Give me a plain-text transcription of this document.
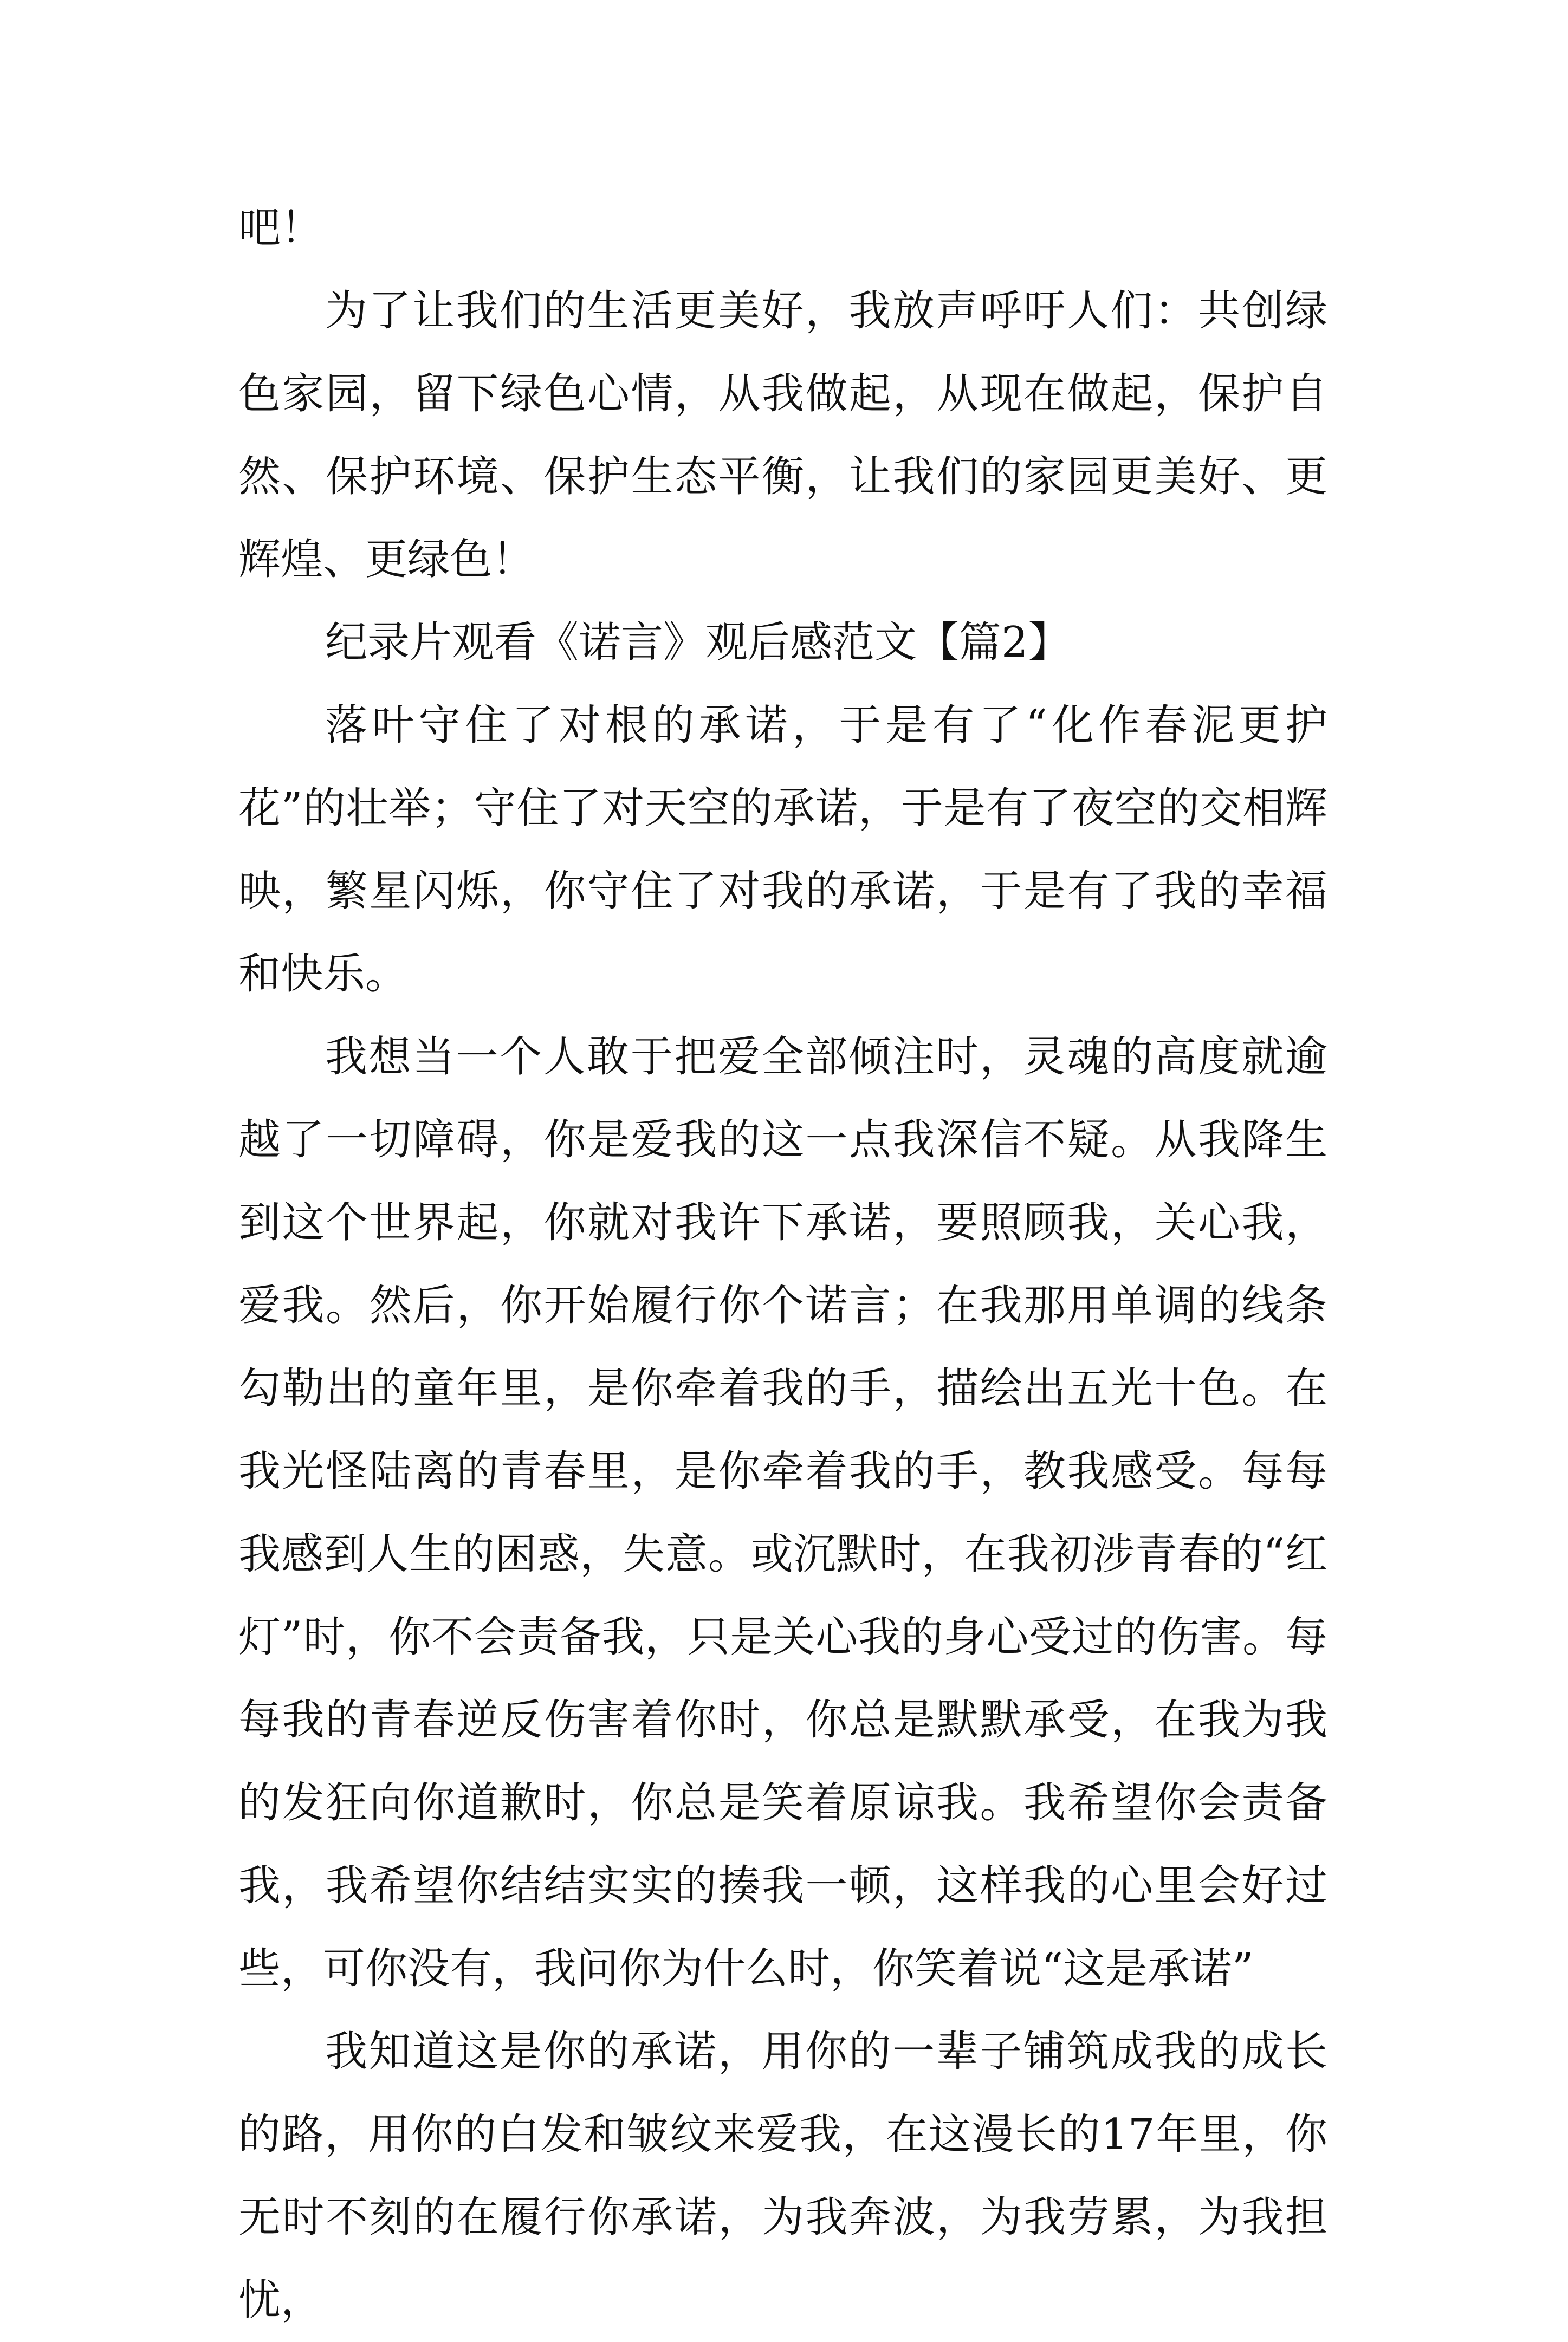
吧！

为了让我们的生活更美好，我放声呼吁人们：共创绿色家园，留下绿色心情，从我做起，从现在做起，保护自然、保护环境、保护生态平衡，让我们的家园更美好、更辉煌、更绿色！

纪录片观看《诺言》观后感范文【篇2】

落叶守住了对根的承诺，于是有了“化作春泥更护花”的壮举；守住了对天空的承诺，于是有了夜空的交相辉映，繁星闪烁，你守住了对我的承诺，于是有了我的幸福和快乐。

我想当一个人敢于把爱全部倾注时，灵魂的高度就逾越了一切障碍，你是爱我的这一点我深信不疑。从我降生到这个世界起，你就对我许下承诺，要照顾我，关心我，爱我。然后，你开始履行你个诺言；在我那用单调的线条勾勒出的童年里，是你牵着我的手，描绘出五光十色。在我光怪陆离的青春里，是你牵着我的手，教我感受。每每我感到人生的困惑，失意。或沉默时，在我初涉青春的“红灯”时，你不会责备我，只是关心我的身心受过的伤害。每每我的青春逆反伤害着你时，你总是默默承受，在我为我的发狂向你道歉时，你总是笑着原谅我。我希望你会责备我，我希望你结结实实的揍我一顿，这样我的心里会好过些，可你没有，我问你为什么时，你笑着说“这是承诺”

我知道这是你的承诺，用你的一辈子铺筑成我的成长的路，用你的白发和皱纹来爱我，在这漫长的17年里，你无时不刻的在履行你承诺，为我奔波，为我劳累，为我担忧，
